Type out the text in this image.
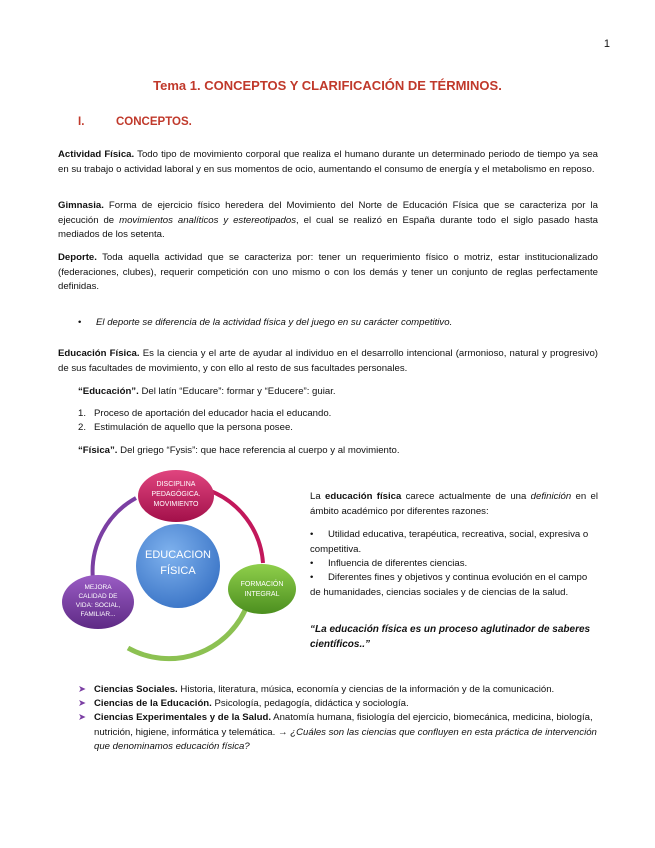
1
Tema 1. CONCEPTOS Y CLARIFICACIÓN DE TÉRMINOS.
I.	CONCEPTOS.
Actividad Física. Todo tipo de movimiento corporal que realiza el humano durante un determinado periodo de tiempo ya sea en su trabajo o actividad laboral y en sus momentos de ocio, aumentando el consumo de energía y el metabolismo en reposo.
Gimnasia. Forma de ejercicio físico heredera del Movimiento del Norte de Educación Física que se caracteriza por la ejecución de movimientos analíticos y estereotipados, el cual se realizó en España durante todo el siglo pasado hasta mediados de los setenta.
Deporte. Toda aquella actividad que se caracteriza por: tener un requerimiento físico o motriz, estar institucionalizado (federaciones, clubes), requerir competición con uno mismo o con los demás y tener un conjunto de reglas perfectamente definidas.
• El deporte se diferencia de la actividad física y del juego en su carácter competitivo.
Educación Física. Es la ciencia y el arte de ayudar al individuo en el desarrollo intencional (armonioso, natural y progresivo) de sus facultades de movimiento, y con ello al resto de sus facultades personales.
“Educación”. Del latín “Educare”: formar y “Educere”: guiar.
1. Proceso de aportación del educador hacia el educando.
2. Estimulación de aquello que la persona posee.
“Física”. Del griego “Fysis”: que hace referencia al cuerpo y al movimiento.
EDUCACION
FÍSICA
DISCIPLINA
PEDAGÓGICA.
MOVIMIENTO
FORMACIÓN
INTEGRAL
MEJORA
CALIDAD DE
VIDA: SOCIAL,
FAMILIAR...
La educación física carece actualmente de una definición en el ámbito académico por diferentes razones:
• Utilidad educativa, terapéutica, recreativa, social, expresiva o competitiva.
• Influencia de diferentes ciencias.
• Diferentes fines y objetivos y continua evolución en el campo de humanidades, ciencias sociales y de ciencias de la salud.
“La educación física es un proceso aglutinador de saberes científicos..”
➤ Ciencias Sociales. Historia, literatura, música, economía y ciencias de la información y de la comunicación.
➤ Ciencias de la Educación. Psicología, pedagogía, didáctica y sociología.
➤ Ciencias Experimentales y de la Salud. Anatomía humana, fisiología del ejercicio, biomecánica, medicina, biología, nutrición, higiene, informática y telemática. → ¿Cuáles son las ciencias que confluyen en esta práctica de intervención que denominamos educación física?
